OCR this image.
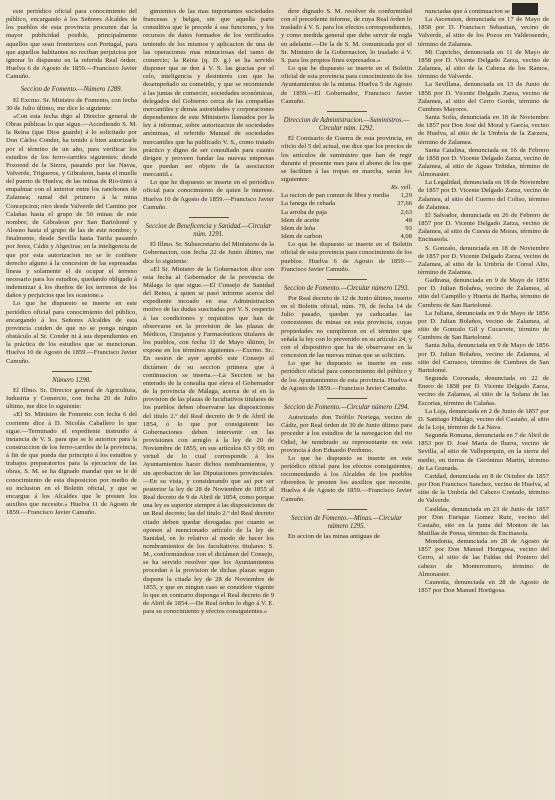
este periódico oficial para conocimiento del público, encargando á los Señores Alcaldes de los pueblos de esta provincia procuren dar la mayor publicidad posible, principalmente aquellos que sean fronterizos con Portugal, para que aquellos habitantes no reciban perjuicios por ignorar lo dispuesto en la referida Real órden. Huelva 6 de Agosto de 1859.—Francisco Javier Camuño.

Seccion de Fomento.—Número 1289.

El Excmo. Sr. Ministro de Fomento, con fecha 30 de Julio último, me dice lo siguiente:

«Con esta fecha digo al Director general de Obras públicas lo que sigue.—Accediendo S. M. la Reina (que Dios guarde) á lo solicitado por Don Cárlos Conder, ha tenido á bien autorizarle por el término de un año, para verificar los estudios de los ferro-carriles siguientes: desde Pozoend de la Sierra, pasando por las Navas, Valverde, Trigueros, y Gibraleon, hasta el muelle del puerto de Huelva; de las minas de Rio-tinto á empalmar con el anterior entre los ranchones de Zalamea; ramal del primero á la mina Concepcion; otro desde Valverde del Camino por Calañas hasta el grupo de 50 minas de este nombre; de Gibraleon por San Bartolomé y Alosno hasta el grupo de las de este nombre; y finalmente, desde Sevilla hasta Tarifa pasando por Jerez, Cádiz y Algeciras; en la inteligencia de que por esta autorizacion no se le confiere derecho alguno á la concesion de las espresadas líneas y solamente el de ocupar el terreno necesario para los estudios, quedando obligado á indemnizar á los dueños de los terrenos de los daños y perjuicios que les ocasione.»

Lo que he dispuesto se inserte en este periódico oficial para conocimiento del público, encargando á los Señores Alcaldes de esta provincia cuiden de que no se ponga ningun obstáculo al Sr. Conder ni á sus dependientes en la práctica de los estudios que se mencionan. Huelva 10 de Agosto de 1859.—Francisco Javier Camuño.

Número 1290.

El Illmo. Sr. Director general de Agricultura, Industria y Comercio, con fecha 20 de Julio último, me dice lo siguiente:

«El Sr. Ministro de Fomento con fecha 6 del corriente dice á D. Nicolás Caballero lo que sigue.—Terminado el expediente instruido á instancia de V. S. para que se le autorice para la construccion de los ferro-carriles de la provincia, á fin de que pueda dar principio á los estudios y trabajos preparatorios para la ejecucion de las obras, S. M. se ha dignado mandar que se le dé conocimiento de esta disposicion por medio de su inclusion en el Boletin oficial, y que se encargue á los Alcaldes que le presten los auxilios que necesite.» Huelva 11 de Agosto de 1859.—Francisco Javier Camuño.

gimientos de las mas importantes sociedades francesas y belgas, sin que aquella parte consultiva que le precede á sus funciones, y los recursos de datos formados de los verificados teniendo de los mismos y aplicacion de una de las operaciones mas minuciosas del ramo de comercio; la Reina (q. D. g.) se ha servido disponer que se den á V. S. las gracias por el celo, inteligencia y desinterés con que ha desempeñado su cometido, y que se recomiende á las juntas de comercio, sociedades económicas, delegados del Gobierno cerca de las compañías mercantiles y demás autoridades y corporaciones dependientes de este Ministerio llamados por la ley á informar, sobre autorizacion de sociedades anónimas, el referido Manual de sociedades mercantiles que ha publicado V. S., como tratado práctico y digno de ser consultado para cuanto dirigen y proveen fundar las nuevas empresas que puedan ser objeto de la asociacion mercantil.»

Lo que he dispuesto se inserte en el periódico oficial para conocimiento de quien le interese. Huelva 10 de Agosto de 1859.—Francisco Javier Camuño.

Seccion de Beneficencia y Sanidad.—Circular núm. 1291.

El Illmo. Sr. Subsecretario del Ministerio de la Gobernacion, con fecha 22 de Junio último, me dice lo siguiente:

«El Sr. Ministro de la Gobernacion dice con esta fecha al Gobernador de la provincia de Málaga lo que sigue.—El Consejo de Sanidad del Reino, á quien se pasó informe acerca del expediente incoado en esa Administracion motivo de las dudas suscitadas por V. S. respecto á las condiciones y requisitos que han de observarse en la provision de las plazas de Médicos, Cirujanos y Farmacéuticos titulares de los pueblos, con fecha 11 de Mayo último, lo expone en los términos siguientes.—Excmo. Sr.: En sesion de ayer aprobó este Consejo el dictámen de su seccion primera que á continuacion se inserta.—La Seccion se ha enterado de la consulta que eleva el Gobernador de la provincia de Málaga, acerca de si en la provision de las plazas de facultativos titulares de los pueblos deben observarse las disposiciones del título 2.º del Real decreto de 9 de Abril de 1854, ó lo que por consiguiente las Gobernaciones deben intervenir en las provisiones con arreglo á la ley de 20 de Noviembre de 1855, en sus artículos 63 y 69; en virtud de lo cual corresponde á los Ayuntamientos hacer dichos nombramientos, y sin aprobacion de las Diputaciones provinciales.—En su vista, y considerando que así por ser posterior la ley de 28 de Noviembre de 1855 al Real decreto de 9 de Abril de 1854, como porque una ley es superior siempre á las disposiciones de un Real decreto; las del título 2.º del Real decreto citado deben quedar derogadas por cuanto se oponen al mencionado artículo de la ley de Sanidad, en lo relativo al modo de hacer los nombramientos de los facultativos titulares: S. M., conformándose con el dictámen del Consejo, se ha servido resolver que los Ayuntamientos procedan á la provision de dichas plazas segun dispone la citada ley de 28 de Noviembre de 1855, y que en ningun caso se considere vigente lo que en contrario disponga el Real decreto de 9 de Abril de 1854.—De Real órden lo digo á V. E. para su conocimiento y efectos consiguientes.»

dere dignado S. M. resolver de conformidad con el precedente informe, de cuya Real órden lo traslado á V. S. para los efectos correspondientes, y como medida general que debe servir de regla en adelante.—De la de S. M. comunicada por el Sr. Ministro de la Gobernacion, lo traslado á V. S. para los propios fines expresados.»

Lo que he dispuesto se inserte en el Boletin oficial de esta provincia para conocimiento de los Ayuntamientos de la misma. Huelva 5 de Agosto de 1859.—El Gobernador, Francisco Javier Camuño.

Direccion de Administracion.—Suministros.—Circular núm. 1292.

El Comisario de Guerra de esta provincia, en oficio del 5 del actual, me dice que los precios de los artículos de suministro que han de regir durante el presente mes para el abono de los que se faciliten á las tropas en marcha, serán los siguientes:

Rs. vell.

La racion de pan comun de libra y media	1,29
La fanega de cebada	37,66
La arroba de paja	2,63
Idem de aceite	48
Idem de leña	93
Idem de carbon	4,08

Lo que he dispuesto se inserte en el Boletin oficial de esta provincia para conocimiento de los pueblos. Huelva 6 de Agosto de 1859.—Francisco Javier Camuño.

Seccion de Fomento.—Circular número 1293.

Por Real decreto de 12 de Junio último, inserto en el Boletin oficial, núm. 70, de fecha 14 de Julio pasado, quedan ya caducadas las concesiones de minas en esta provincia, cuyas propiedades no cumplieron en el término que señala la ley con lo prevenido en su artículo 24, y con el dispositivo que ha de observarse en la concesion de las nuevas minas que se soliciten.

Lo que he dispuesto se inserte en este periódico oficial para conocimiento del público y de los Ayuntamientos de esta provincia. Huelva 4 de Agosto de 1859.—Francisco Javier Camuño.

Seccion de Fomento.—Circular número 1294.

Autorizado don Teófilo Noriega, vecino de Cádiz, por Real órden de 30 de Junio último para proceder á los estudios de la navegacion del rio Odiel, he nombrado su representante en esta provincia á don Eduardo Perdomo.

Lo que he dispuesto se inserte en este periódico oficial para los efectos consiguientes, recomendando á los Alcaldes de los pueblos ribereños le presten los auxilios que necesite. Huelva 4 de Agosto de 1859.—Francisco Javier Camuño.

Seccion de Fomento.—Minas.—Circular número 1295.

En accion de las minas antiguas de

nunciadas que á continuacion se expresan.

La Ascension, denunciada en 17 de Mayo de 1858 por D. Francisco Sebastian, vecino de Valverde, al sitio de los Pozos en Valdeosendo, término de Zalamea.

Mi Capricho, denunciada en 11 de Mayo de 1858 por D. Vicente Delgado Zarza, vecino de Zalamea, al sitio de la Cabeza de los Ramos, término de Valverde.

La Sevillana, denunciada en 13 de Junio de 1856 por D. Vicente Delgado Zarza, vecino de Zalamea, al sitio del Cerro Gordo, término de Cumbres Mayores.

Santa Sofía, denunciada en 18 de Noviembre de 1857 por Don José del Moral y García, vecino de Huelva, al sitio de la Umbría de la Zarzera, término de Zalamea.

Santa Catalina, denunciada en 16 de Febrero de 1858 por D. Vicente Delgado Zarza, vecino de Zalamea, al sitio de Aguas Teñidas, término de Almonaster.

La Legalidad, denunciada en 18 de Noviembre de 1857 por D. Vicente Delgado Zarza, vecino de Zalamea, al sitio del Cuerno del Coliso, término de Zalamea.

El Salvador, denunciada en 26 de Febrero de 1857 por D. Vicente Delgado Zarza, vecino de Zalamea, al sitio de Cuesta de Moras, término de Encinasola.

S. Gonzalo, denunciada en 18 de Noviembre de 1857 por D. Vicente Delgado Zarza, vecino de Zalamea, al sitio de la Umbría de Corral Alto, término de Zalamea.

Gadirana, denunciada en 9 de Mayo de 1856 por D. Julian Bolaños, vecino de Zalamea, al sitio del Campillo y Huerta de Barba, término de Cumbres de San Bartolomé.

La Juliana, denunciada en 9 de Mayo de 1856 por D. Julian Bolaños, vecino de Zalamea, al sitio de Gonzalo Gil y Cucarrete, término de Cumbres de San Bartolomé.

Santa Julia, denunciada en 9 de Mayo de 1856 por D. Julian Bolaños, vecino de Zalamea, al sitio del Carrasco, término de Cumbres de San Bartolomé.

Segunda Coronada, denunciada en 22 de Enero de 1858 por D. Vicente Delgado Zarza, vecino de Zalamea, al sitio de la Solana de las Escorias, término de Calañas.

La Loja, denunciada en 2 de Junio de 1857 por D. Santiago Hidalgo, vecino del Castaño, al sitio de la Loja, término de La Nava.

Segunda Romana, denunciada en 7 de Abril de 1853 por D. José María de Ibarra, vecino de Sevilla, al sitio de Valleporquin, en la sierra del medio, en tierras de Gerónimo Martin, término de La Granada.

Caridad, denunciada en 8 de Octubre de 1857 por Don Francisco Sanchez, vecino de Huelva, al sitio de la Umbría del Cabezo Contado, término de Valverde.

Casildas, denunciada en 23 de Junio de 1857 por Don Enrique Gomez Ruiz, vecino del Castaño, sito en la junta del Monton de las Matillas de Ponsa, término de Encinasola.

Mondonia, denunciada en 28 de Agosto de 1857 por Don Manuel Hortigosa, vecino del Cerro, al sitio de las Faldas del Pontero del cabezo de Monterromero, término de Almonaster.

Caunotia, denunciada en 28 de Agosto de 1857 por Don Manuel Hortigosa.
